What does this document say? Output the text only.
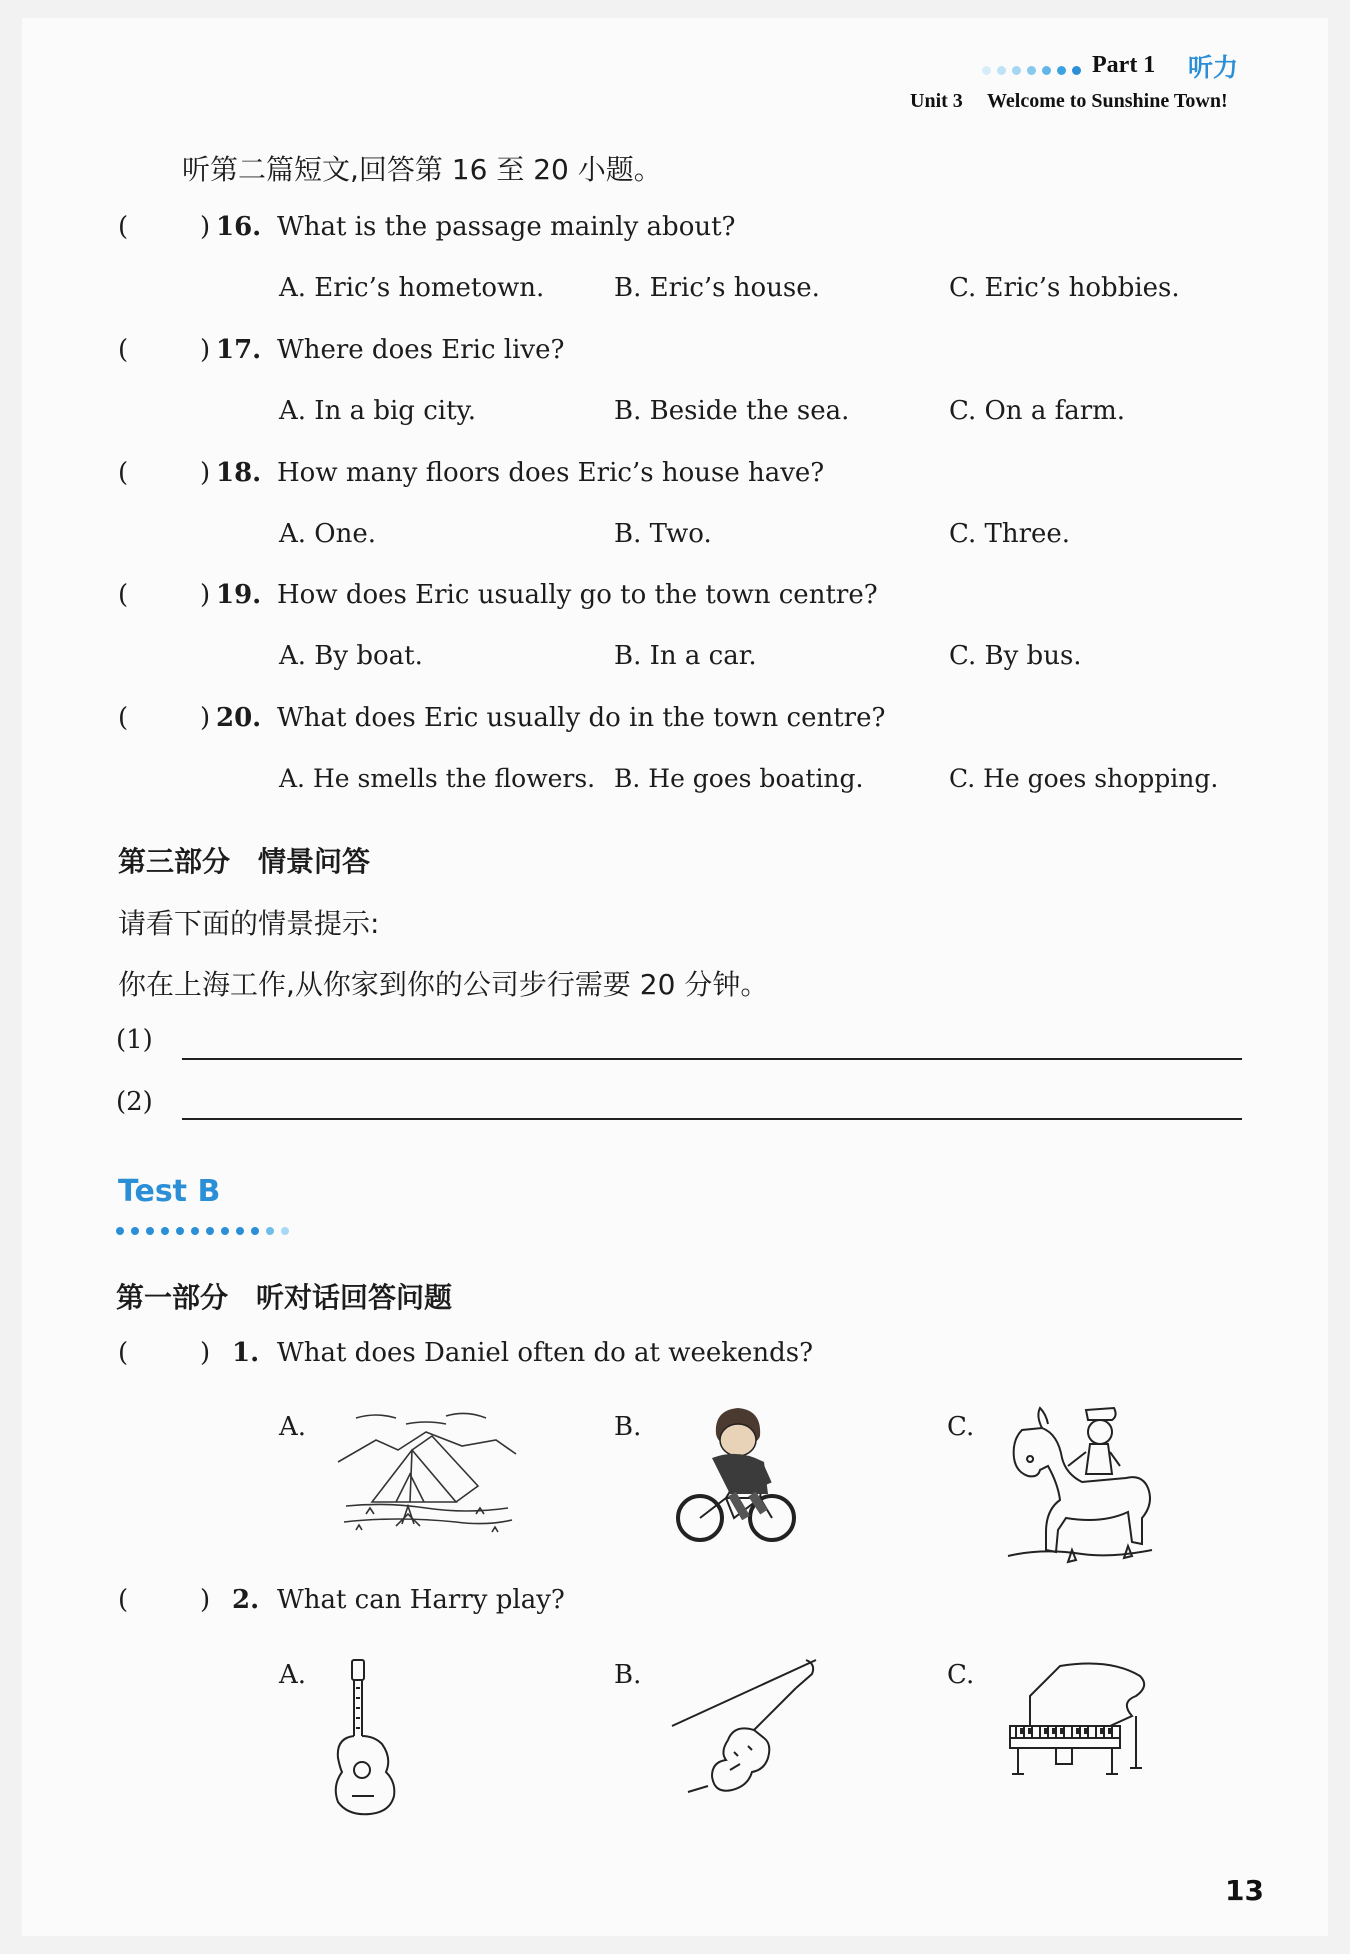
Part 1 听力
Unit 3 Welcome to Sunshine Town!
听第二篇短文,回答第 16 至 20 小题。
(	) 16. What is the passage mainly about?
A. Eric’s hometown.	B. Eric’s house.	C. Eric’s hobbies.
(	) 17. Where does Eric live?
A. In a big city.	B. Beside the sea.	C. On a farm.
(	) 18. How many floors does Eric’s house have?
A. One.	B. Two.	C. Three.
(	) 19. How does Eric usually go to the town centre?
A. By boat.	B. In a car.	C. By bus.
(	) 20. What does Eric usually do in the town centre?
A. He smells the flowers. B. He goes boating.	C. He goes shopping.
第三部分　情景问答
请看下面的情景提示:
你在上海工作,从你家到你的公司步行需要 20 分钟。
(1)
(2)
Test B
第一部分　听对话回答问题
(	) 1. What does Daniel often do at weekends?
A.	B.	C.
(	) 2. What can Harry play?
A.	B.	C.
13
